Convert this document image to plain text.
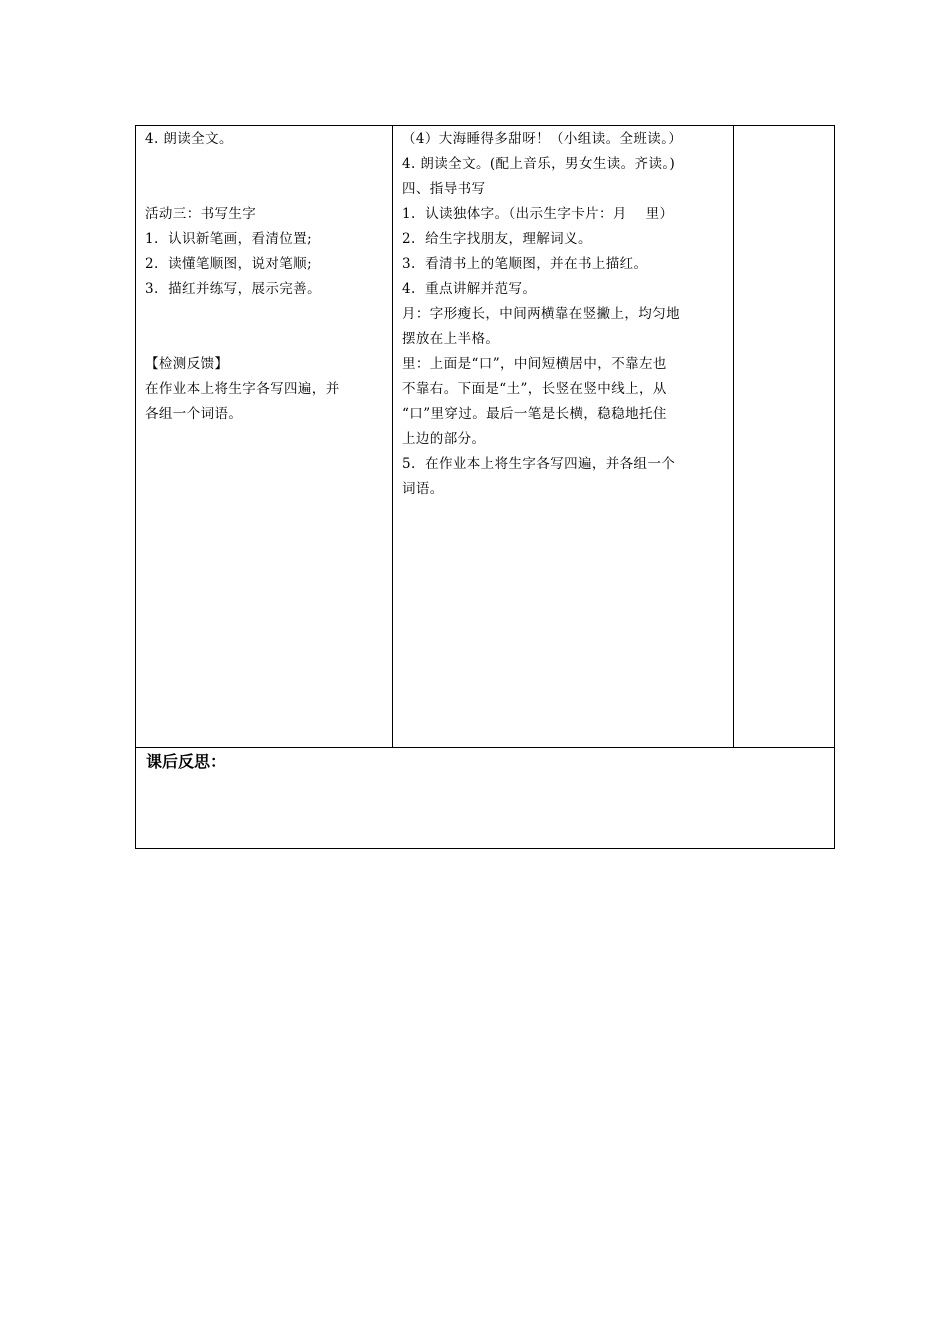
4. 朗读全文。
活动三：书写生字
1.  认识新笔画，看清位置;
2.  读懂笔顺图，说对笔顺;
3.  描红并练写，展示完善。
【检测反馈】
在作业本上将生字各写四遍，并
各组一个词语。

（4）大海睡得多甜呀！（小组读。全班读。）
4. 朗读全文。(配上音乐，男女生读。齐读。)
四、指导书写
1.  认读独体字。（出示生字卡片：月    里）
2.  给生字找朋友，理解词义。
3.  看清书上的笔顺图，并在书上描红。
4.  重点讲解并范写。
月：字形瘦长，中间两横靠在竖撇上，均匀地
摆放在上半格。
里：上面是“口”，中间短横居中，不靠左也
不靠右。下面是“土”，长竖在竖中线上，从
“口”里穿过。最后一笔是长横，稳稳地托住
上边的部分。
5.  在作业本上将生字各写四遍，并各组一个
词语。

课后反思：
